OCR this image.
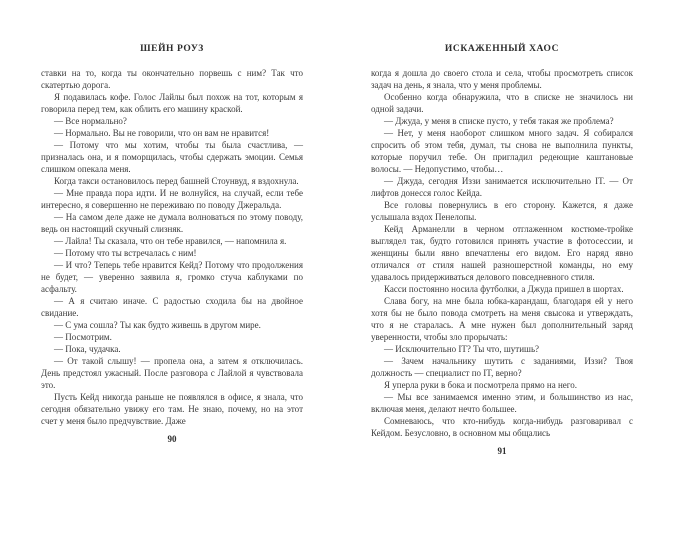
ШЕЙН РОУЗ

ставки на то, когда ты окончательно порвешь с ним? Так что скатертью дорога.

Я подавилась кофе. Голос Лайлы был похож на тот, которым я говорила перед тем, как облить его машину краской.

— Все нормально?

— Нормально. Вы не говорили, что он вам не нравится!

— Потому что мы хотим, чтобы ты была счастлива, — призналась она, и я поморщилась, чтобы сдержать эмоции. Семья слишком опекала меня.

Когда такси остановилось перед башней Стоунвуд, я вздохнула.

— Мне правда пора идти. И не волнуйся, на случай, если тебе интересно, я совершенно не переживаю по поводу Джеральда.

— На самом деле даже не думала волноваться по этому поводу, ведь он настоящий скучный слизняк.

— Лайла! Ты сказала, что он тебе нравился, — напомнила я.

— Потому что ты встречалась с ним!

— И что? Теперь тебе нравится Кейд? Потому что продолжения не будет, — уверенно заявила я, громко стуча каблуками по асфальту.

— А я считаю иначе. С радостью сходила бы на двойное свидание.

— С ума сошла? Ты как будто живешь в другом мире.

— Посмотрим.

— Пока, чудачка.

— От такой слышу! — пропела она, а затем я отключилась. День предстоял ужасный. После разговора с Лайлой я чувствовала это.

Пусть Кейд никогда раньше не появлялся в офисе, я знала, что сегодня обязательно увижу его там. Не знаю, почему, но на этот счет у меня было предчувствие. Даже

90
ИСКАЖЕННЫЙ ХАОС

когда я дошла до своего стола и села, чтобы просмотреть список задач на день, я знала, что у меня проблемы.

Особенно когда обнаружила, что в списке не значилось ни одной задачи.

— Джуда, у меня в списке пусто, у тебя такая же проблема?

— Нет, у меня наоборот слишком много задач. Я собирался спросить об этом тебя, думал, ты снова не выполнила пункты, которые поручил тебе. Он пригладил редеющие каштановые волосы. — Недопустимо, чтобы…

— Джуда, сегодня Иззи занимается исключительно IT. — От лифтов донесся голос Кейда.

Все головы повернулись в его сторону. Кажется, я даже услышала вздох Пенелопы.

Кейд Арманелли в черном отглаженном костюме-тройке выглядел так, будто готовился принять участие в фотосессии, и женщины были явно впечатлены его видом. Его наряд явно отличался от стиля нашей разношерстной команды, но ему удавалось придерживаться делового повседневного стиля.

Касси постоянно носила футболки, а Джуда пришел в шортах.

Слава богу, на мне была юбка-карандаш, благодаря ей у него хотя бы не было повода смотреть на меня свысока и утверждать, что я не старалась. А мне нужен был дополнительный заряд уверенности, чтобы зло прорычать:

— Исключительно IT? Ты что, шутишь?

— Зачем начальнику шутить с заданиями, Иззи? Твоя должность — специалист по IT, верно?

Я уперла руки в бока и посмотрела прямо на него.

— Мы все занимаемся именно этим, и большинство из нас, включая меня, делают нечто большее.

Сомневаюсь, что кто-нибудь когда-нибудь разговаривал с Кейдом. Безусловно, в основном мы общались

91
